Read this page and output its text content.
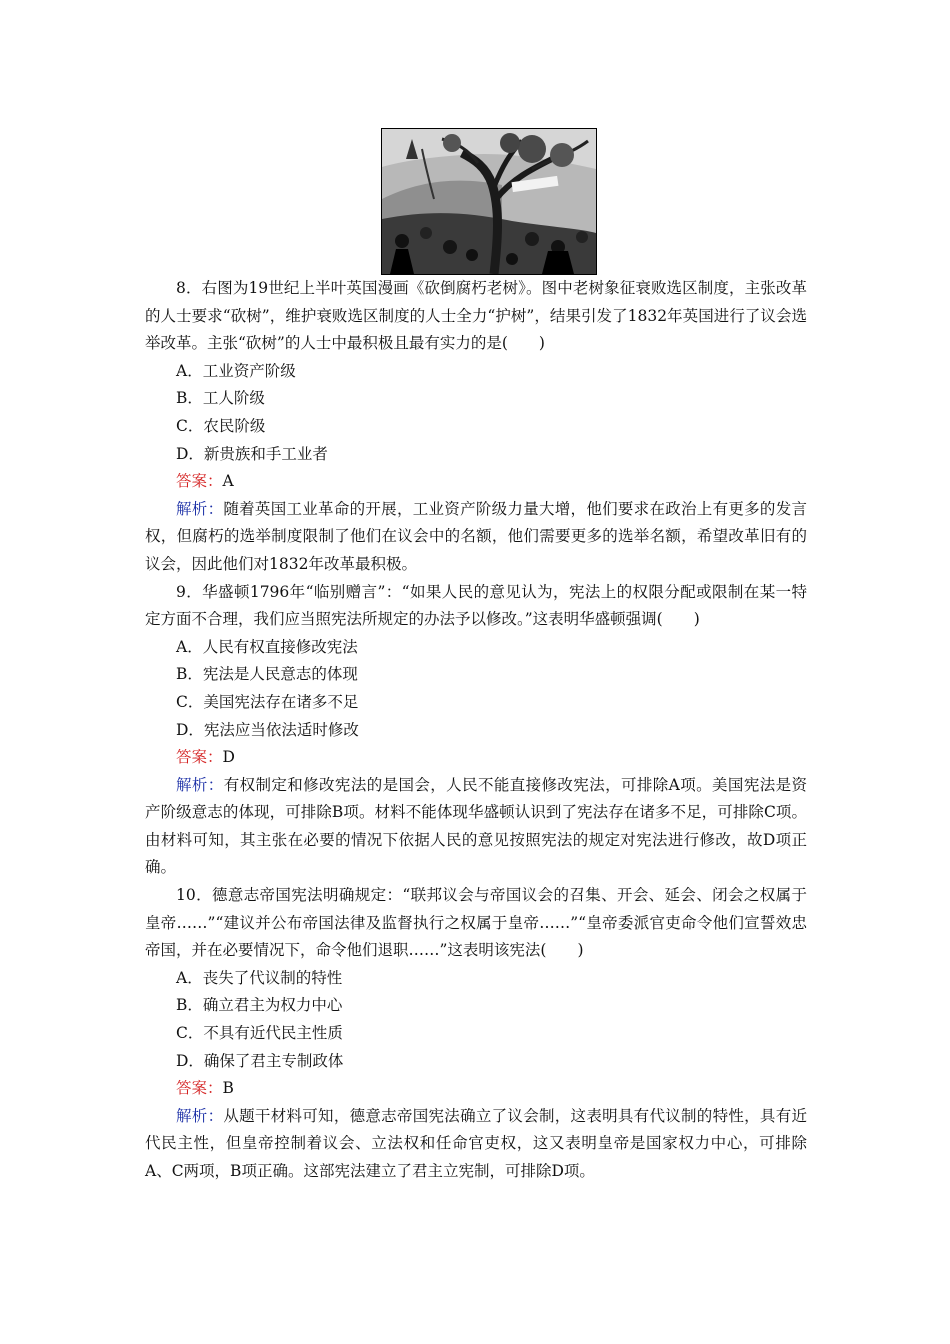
8．右图为19世纪上半叶英国漫画《砍倒腐朽老树》。图中老树象征衰败选区制度，主张改革的人士要求“砍树”，维护衰败选区制度的人士全力“护树”，结果引发了1832年英国进行了议会选举改革。主张“砍树”的人士中最积极且最有实力的是(　　)

A．工业资产阶级

B．工人阶级

C．农民阶级

D．新贵族和手工业者

答案：A

解析：随着英国工业革命的开展，工业资产阶级力量大增，他们要求在政治上有更多的发言权，但腐朽的选举制度限制了他们在议会中的名额，他们需要更多的选举名额，希望改革旧有的议会，因此他们对1832年改革最积极。

9．华盛顿1796年“临别赠言”：“如果人民的意见认为，宪法上的权限分配或限制在某一特定方面不合理，我们应当照宪法所规定的办法予以修改。”这表明华盛顿强调(　　)

A．人民有权直接修改宪法

B．宪法是人民意志的体现

C．美国宪法存在诸多不足

D．宪法应当依法适时修改

答案：D

解析：有权制定和修改宪法的是国会，人民不能直接修改宪法，可排除A项。美国宪法是资产阶级意志的体现，可排除B项。材料不能体现华盛顿认识到了宪法存在诸多不足，可排除C项。由材料可知，其主张在必要的情况下依据人民的意见按照宪法的规定对宪法进行修改，故D项正确。

10．德意志帝国宪法明确规定：“联邦议会与帝国议会的召集、开会、延会、闭会之权属于皇帝……”“建议并公布帝国法律及监督执行之权属于皇帝……”“皇帝委派官吏命令他们宣誓效忠帝国，并在必要情况下，命令他们退职……”这表明该宪法(　　)

A．丧失了代议制的特性

B．确立君主为权力中心

C．不具有近代民主性质

D．确保了君主专制政体

答案：B

解析：从题干材料可知，德意志帝国宪法确立了议会制，这表明具有代议制的特性，具有近代民主性，但皇帝控制着议会、立法权和任命官吏权，这又表明皇帝是国家权力中心，可排除A、C两项，B项正确。这部宪法建立了君主立宪制，可排除D项。
